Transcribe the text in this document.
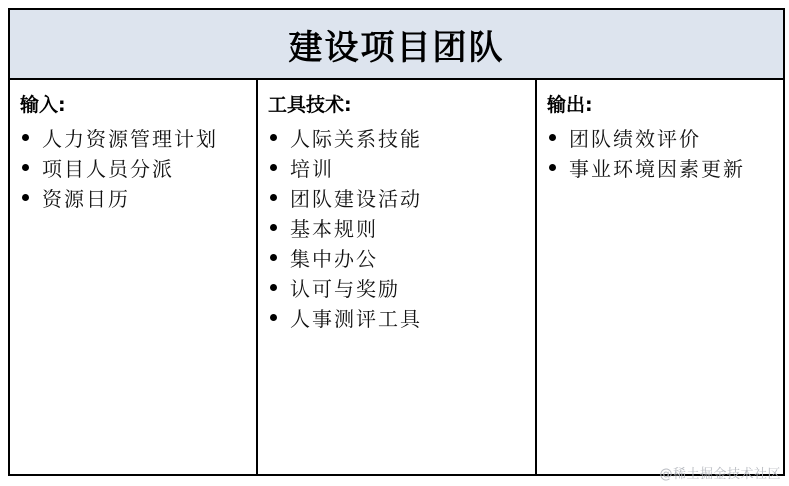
建设项目团队
输入:
人力资源管理计划
项目人员分派
资源日历
工具技术:
人际关系技能
培训
团队建设活动
基本规则
集中办公
认可与奖励
人事测评工具
输出:
团队绩效评价
事业环境因素更新
@稀土掘金技术社区
